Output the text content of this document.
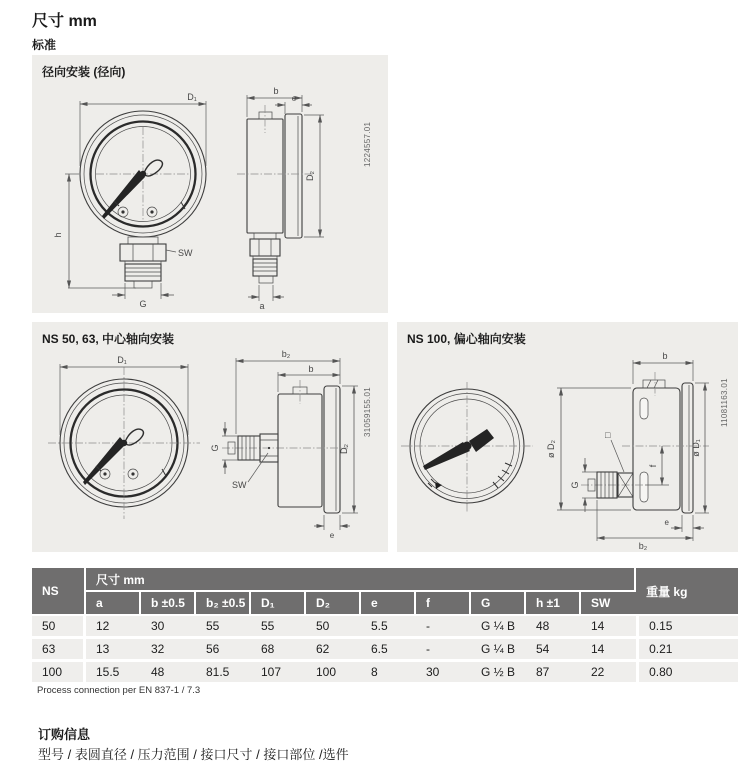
尺寸 mm
标准
径向安装 (径向)
D₁
h
G
SW
b
e
D₂
a
1224557.01
NS 50, 63, 中心轴向安装
D₁
G
SW
b₂
b
D₂
e
31059155.01
NS 100, 偏心轴向安装
G
f
□
ø D₂	ø D₁
b
e
b₂
11081163.01
NS	尺寸 mm										重量 kg
	a	b ±0.5	b₂ ±0.5	D₁	D₂	e	f	G	h ±1	SW	
50	12	30	55	55	50	5.5	-	G ¼ B	48	14	0.15
63	13	32	56	68	62	6.5	-	G ¼ B	54	14	0.21
100	15.5	48	81.5	107	100	8	30	G ½ B	87	22	0.80
Process connection per EN 837-1 / 7.3
订购信息
型号 / 表圆直径 / 压力范围 / 接口尺寸 / 接口部位 /选件
